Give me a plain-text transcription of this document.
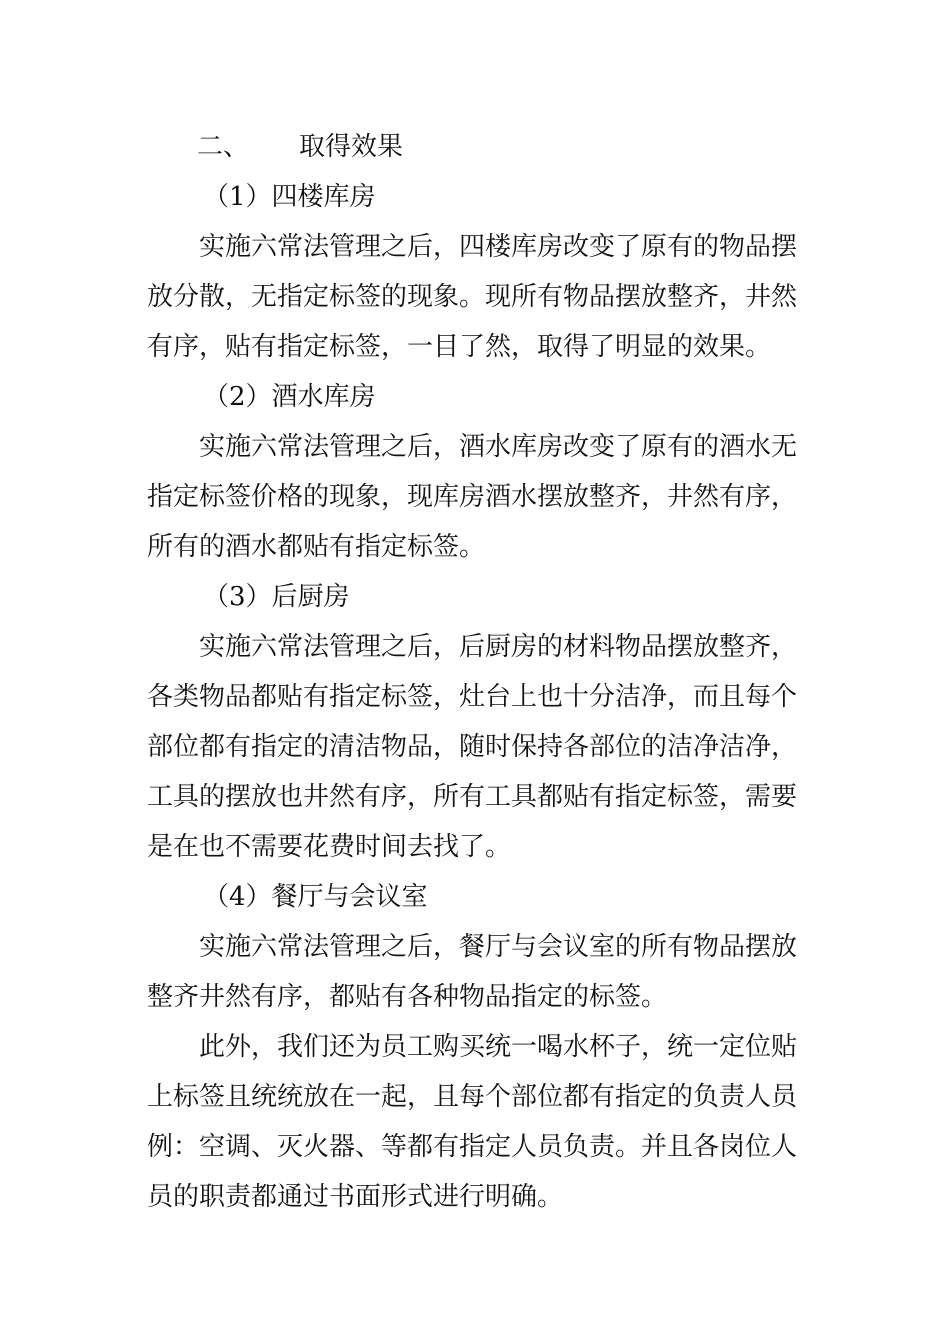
二、 取得效果
（1）四楼库房
实施六常法管理之后，四楼库房改变了原有的物品摆
放分散，无指定标签的现象。现所有物品摆放整齐，井然
有序，贴有指定标签，一目了然，取得了明显的效果。
（2）酒水库房
实施六常法管理之后，酒水库房改变了原有的酒水无
指定标签价格的现象，现库房酒水摆放整齐，井然有序，
所有的酒水都贴有指定标签。
（3）后厨房
实施六常法管理之后，后厨房的材料物品摆放整齐，
各类物品都贴有指定标签，灶台上也十分洁净，而且每个
部位都有指定的清洁物品，随时保持各部位的洁净洁净，
工具的摆放也井然有序，所有工具都贴有指定标签，需要
是在也不需要花费时间去找了。
（4）餐厅与会议室
实施六常法管理之后，餐厅与会议室的所有物品摆放
整齐井然有序，都贴有各种物品指定的标签。
此外，我们还为员工购买统一喝水杯子，统一定位贴
上标签且统统放在一起，且每个部位都有指定的负责人员
例：空调、灭火器、等都有指定人员负责。并且各岗位人
员的职责都通过书面形式进行明确。
